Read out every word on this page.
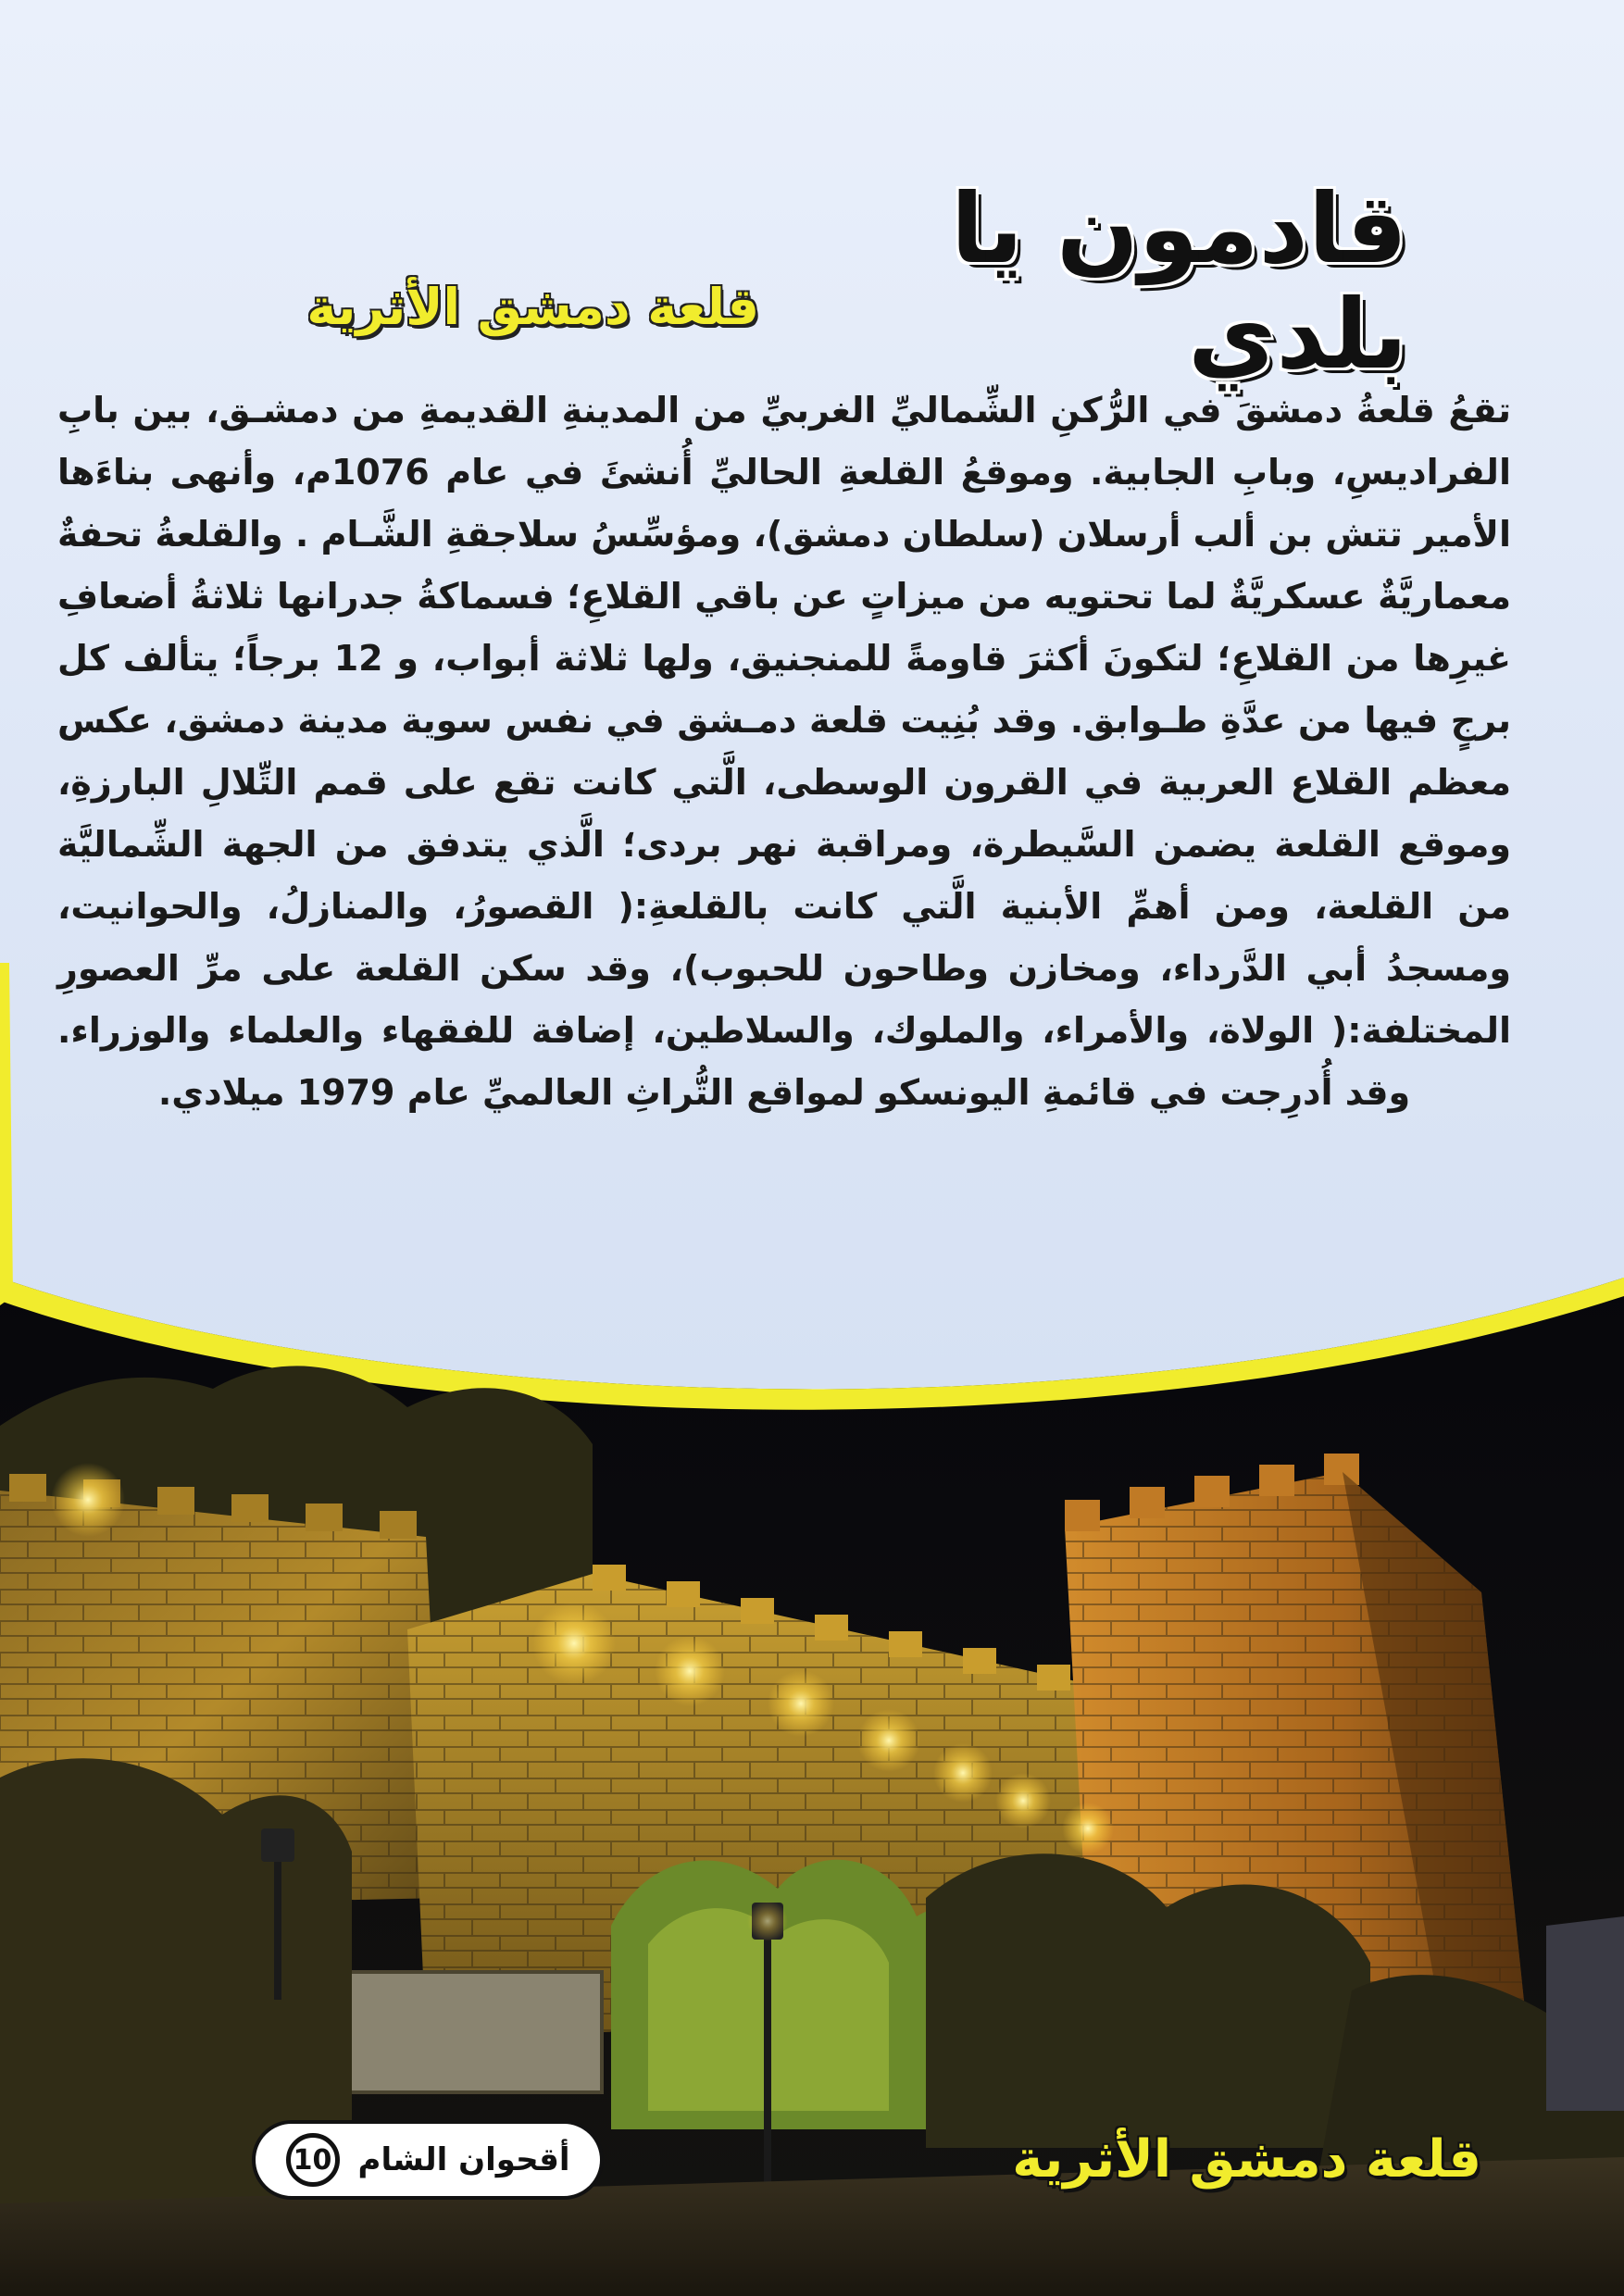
قادمون يا بلدي
قلعة دمشق الأثرية
تقعُ قلعةُ دمشقَ في الرُّكنِ الشِّماليِّ الغربيِّ من المدينةِ القديمةِ من دمشـق، بين بابِ الفراديسِ، وبابِ الجابية. وموقعُ القلعةِ الحاليِّ أُنشئَ في عام 1076م، وأنهى بناءَها الأمير تتش بن ألب أرسلان (سلطان دمشق)، ومؤسِّسُ سلاجقةِ الشَّـام . والقلعةُ تحفةٌ معماريَّةٌ عسكريَّةٌ لما تحتويه من ميزاتٍ عن باقي القلاعِ؛ فسماكةُ جدرانها ثلاثةُ أضعافِ غيرِها من القلاعِ؛ لتكونَ أكثرَ قاومةً للمنجنيق، ولها ثلاثة أبواب، و 12 برجاً؛ يتألف كل برجٍ فيها من عدَّةِ طـوابق. وقد بُنِيت قلعة دمـشق في نفس سوية مدينة دمشق، عكس معظم القلاع العربية في القرون الوسطى، الَّتي كانت تقع على قمم التِّلالِ البارزةِ، وموقع القلعة يضمن السَّيطرة، ومراقبة نهر بردى؛ الَّذي يتدفق من الجهة الشِّماليَّة من القلعة، ومن أهمِّ الأبنية الَّتي كانت بالقلعةِ:( القصورُ، والمنازلُ، والحوانيت، ومسجدُ أبي الدَّرداء، ومخازن وطاحون للحبوب)، وقد سكن القلعة على مرِّ العصورِ المختلفة:( الولاة، والأمراء، والملوك، والسلاطين، إضافة للفقهاء والعلماء والوزراء. وقد أُدرِجت في قائمةِ اليونسكو لمواقع التُّراثِ العالميِّ عام 1979 ميلادي.
قلعة دمشق الأثرية
10 أقحوان الشام
